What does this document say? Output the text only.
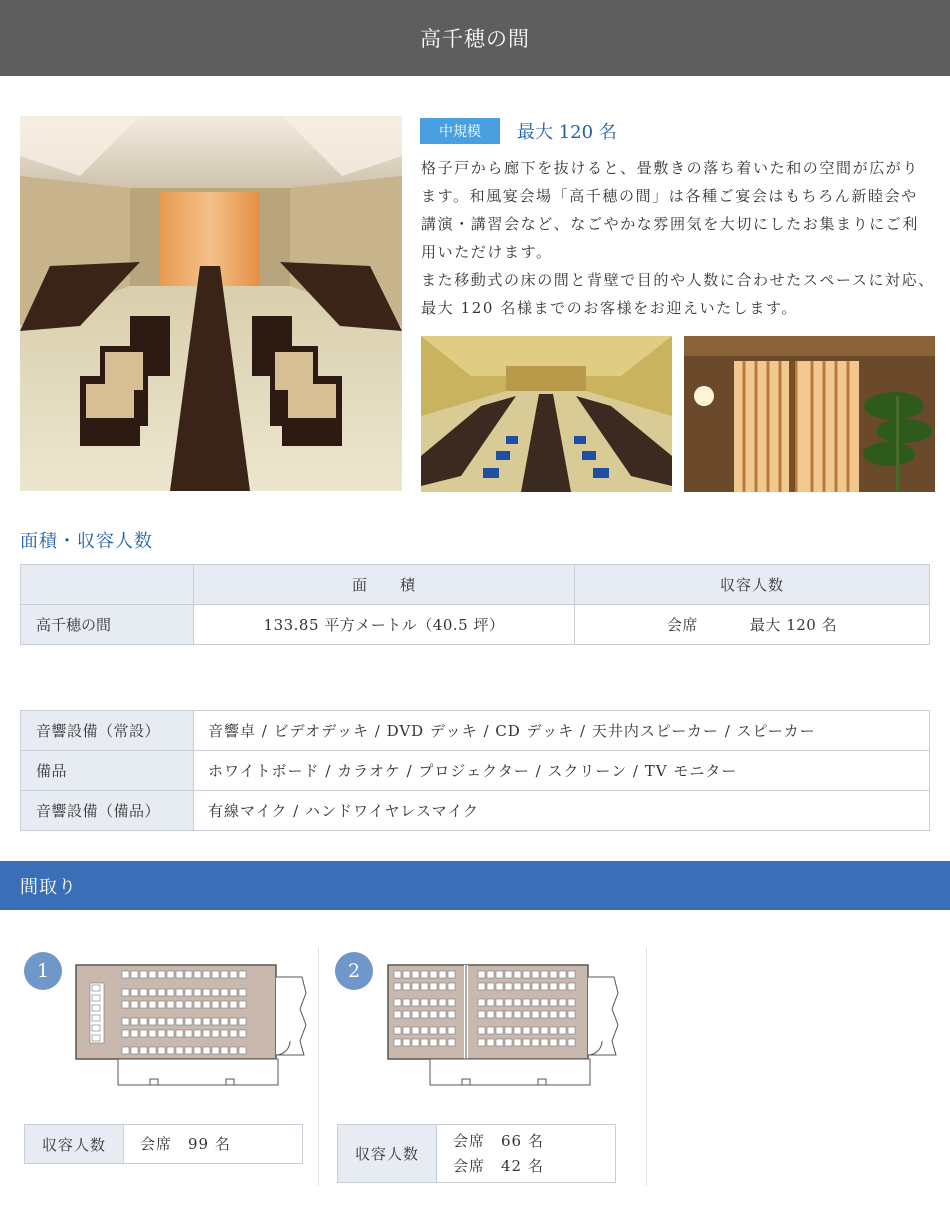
高千穂の間
中規模	最大 120 名
格子戸から廊下を抜けると、畳敷きの落ち着いた和の空間が広がり
ます。和風宴会場「高千穂の間」は各種ご宴会はもちろん新睦会や
講演・講習会など、なごやかな雰囲気を大切にしたお集まりにご利
用いただけます。
また移動式の床の間と背壁で目的や人数に合わせたスペースに対応、
最大 120 名様までのお客様をお迎えいたします。
面積・収容人数
	面　　積	収容人数
高千穂の間	133.85 平方メートル（40.5 坪）	会席 最大 120 名
音響設備（常設）	音響卓 / ビデオデッキ / DVD デッキ / CD デッキ / 天井内スピーカー / スピーカー
備品	ホワイトボード / カラオケ / プロジェクター / スクリーン / TV モニター
音響設備（備品）	有線マイク / ハンドワイヤレスマイク
間取り
1
収容人数	会席　99 名
2
収容人数
会席　66 名
会席　42 名
